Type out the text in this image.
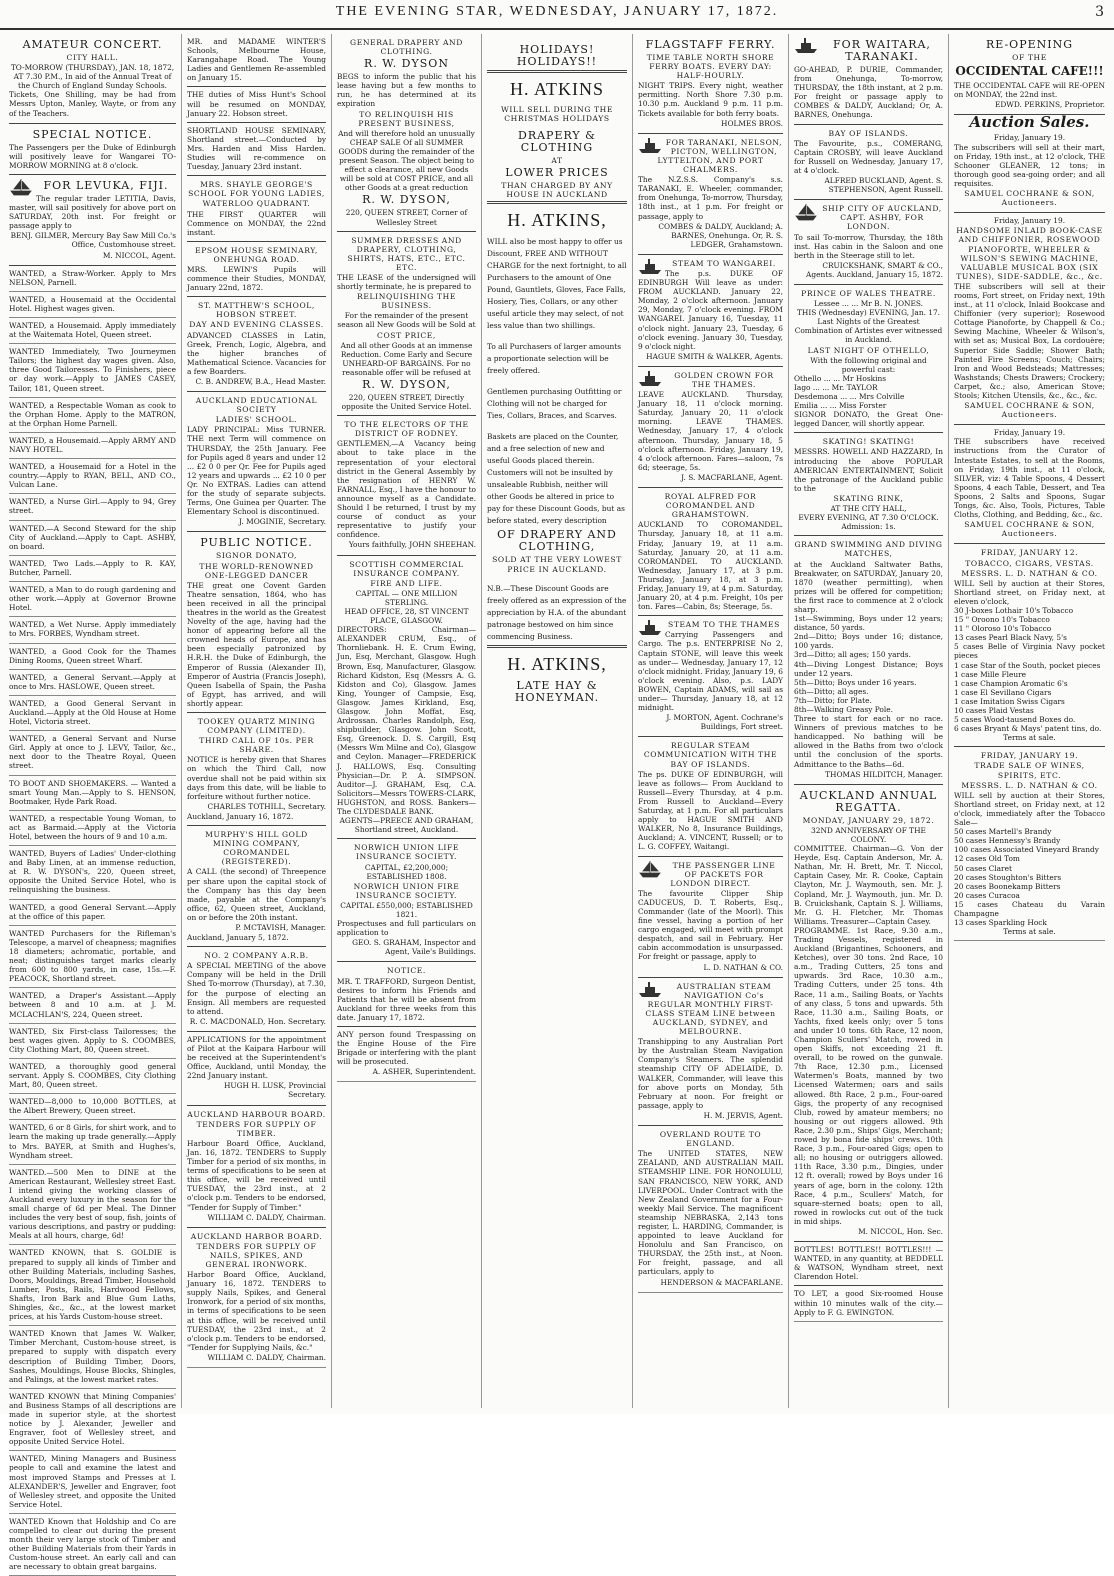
THE EVENING STAR, WEDNESDAY, JANUARY 17, 1872.	3
AMATEUR CONCERT.
CITY HALL.
TO-MORROW (THURSDAY), JAN. 18, 1872, AT 7.30 P.M., In aid of the Annual Treat of the Church of England Sunday Schools.
Tickets, One Shilling, may be had from Messrs Upton, Manley, Wayte, or from any of the Teachers.
SPECIAL NOTICE.
The Passengers per the Duke of Edinburgh will positively leave for Wangarei TO-MORROW MORNING at 8 o'clock.
FOR LEVUKA, FIJI.
The regular trader LETITIA, Davis, master, will sail positively for above port on SATURDAY, 20th inst. For freight or passage apply to
BENJ. GILMER, Mercury Bay Saw Mill Co.'s Office, Customhouse street.
M. NICCOL, Agent.
WANTED, a Straw-Worker. Apply to Mrs NELSON, Parnell.
WANTED, a Housemaid at the Occidental Hotel. Highest wages given.
WANTED, a Housemaid. Apply immediately at the Waitemata Hotel, Queen street.
WANTED Immediately, Two Journeymen Tailors; the highest day wages given. Also, three Good Tailoresses. To Finishers, piece or day work.—Apply to JAMES CASEY, Tailor, 181, Queen street.
WANTED, a Respectable Woman as cook to the Orphan Home. Apply to the MATRON, at the Orphan Home Parnell.
WANTED, a Housemaid.—Apply ARMY AND NAVY HOTEL.
WANTED, a Housemaid for a Hotel in the country.—Apply to RYAN, BELL, AND CO., Vulcan Lane.
WANTED, a Nurse Girl.—Apply to 94, Grey street.
WANTED.—A Second Steward for the ship City of Auckland.—Apply to Capt. ASHBY, on board.
WANTED, Two Lads.—Apply to R. KAY, Butcher, Parnell.
WANTED, a Man to do rough gardening and other work.—Apply at Governor Browne Hotel.
WANTED, a Wet Nurse. Apply immediately to Mrs. FORBES, Wyndham street.
WANTED, a Good Cook for the Thames Dining Rooms, Queen street Wharf.
WANTED, a General Servant.—Apply at once to Mrs. HASLOWE, Queen street.
WANTED, a Good General Servant in Auckland.—Apply at the Old House at Home Hotel, Victoria street.
WANTED, a General Servant and Nurse Girl. Apply at once to J. LEVY, Tailor, &c., next door to the Theatre Royal, Queen street.
TO BOOT AND SHOEMAKERS. — Wanted a smart Young Man.—Apply to S. HENSON, Bootmaker, Hyde Park Road.
WANTED, a respectable Young Woman, to act as Barmaid.—Apply at the Victoria Hotel, between the hours of 9 and 10 a.m.
WANTED, Buyers of Ladies' Under-clothing and Baby Linen, at an immense reduction, at R. W. DYSON's, 220, Queen street, opposite the United Service Hotel, who is relinquishing the business.
WANTED, a good General Servant.—Apply at the office of this paper.
WANTED Purchasers for the Rifleman's Telescope, a marvel of cheapness; magnifies 18 diameters; achromatic, portable, and neat; distinguishes target marks clearly from 600 to 800 yards, in case, 15s.—F. PEACOCK, Shortland street.
WANTED, a Draper's Assistant.—Apply between 8 and 10 a.m. at J. M. MCLACHLAN'S, 224, Queen street.
WANTED, Six First-class Tailoresses; the best wages given. Apply to S. COOMBES, City Clothing Mart, 80, Queen street.
WANTED, a thoroughly good general servant. Apply S. COOMBES, City Clothing Mart, 80, Queen street.
WANTED—8,000 to 10,000 BOTTLES, at the Albert Brewery, Queen street.
WANTED, 6 or 8 Girls, for shirt work, and to learn the making up trade generally.—Apply to Mrs. BAYER, at Smith and Hughes's, Wyndham street.
WANTED.—500 Men to DINE at the American Restaurant, Wellesley street East. I intend giving the working classes of Auckland every luxury in the season for the small charge of 6d per Meal. The Dinner includes the very best of soup, fish, joints of various descriptions, and pastry or pudding: Meals at all hours, charge, 6d!
WANTED KNOWN, that S. GOLDIE is prepared to supply all kinds of Timber and other Building Materials, including Sashes, Doors, Mouldings, Bread Timber, Household Lumber, Posts, Rails, Hardwood Fellows, Shafts, Iron Bark and Blue Gum Laths, Shingles, &c., &c., at the lowest market prices, at his Yards Custom-house street.
WANTED Known that James W. Walker, Timber Merchant, Custom-house street, is prepared to supply with dispatch every description of Building Timber, Doors, Sashes, Mouldings, House Blocks, Shingles, and Palings, at the lowest market rates.
WANTED KNOWN that Mining Companies' and Business Stamps of all descriptions are made in superior style, at the shortest notice by J. Alexander, Jeweller and Engraver, foot of Wellesley street, and opposite United Service Hotel.
WANTED, Mining Managers and Business people to call and examine the latest and most improved Stamps and Presses at I. ALEXANDER'S, Jeweller and Engraver, foot of Wellesley street, and opposite the United Service Hotel.
WANTED Known that Holdship and Co are compelled to clear out during the present month their very large stock of Timber and other Building Materials from their Yards in Custom-house street. An early call and can are necessary to obtain great bargains.
MR. and MADAME WINTER'S Schools, Melbourne House, Karangahape Road. The Young Ladies and Gentlemen Re-assembled on January 15.
THE duties of Miss Hunt's School will be resumed on MONDAY, January 22. Hobson street.
SHORTLAND HOUSE SEMINARY, Shortland street.—Conducted by Mrs. Harden and Miss Harden. Studies will re-commence on Tuesday, January 23rd instant.
MRS. SHAYLE GEORGE'S SCHOOL FOR YOUNG LADIES,
WATERLOO QUADRANT.
THE FIRST QUARTER will Commence on MONDAY, the 22nd instant.
EPSOM HOUSE SEMINARY, ONEHUNGA ROAD.
MRS. LEWIN'S Pupils will commence their Studies, MONDAY, January 22nd, 1872.
ST. MATTHEW'S SCHOOL, HOBSON STREET.
DAY AND EVENING CLASSES.
ADVANCED CLASSES in Latin, Greek, French, Logic, Algebra, and the higher branches of Mathematical Science. Vacancies for a few Boarders.
C. B. ANDREW, B.A., Head Master.
AUCKLAND EDUCATIONAL SOCIETY
LADIES' SCHOOL.
LADY PRINCIPAL: Miss TURNER. THE next Term will commence on THURSDAY, the 25th January. Fee for Pupils aged 8 years and under 12 ... £2 0 0 per Qr. Fee for Pupils aged 12 years and upwards ... £2 10 0 per Qr. No EXTRAS. Ladies can attend for the study of separate subjects. Terms, One Guinea per Quarter. The Elementary School is discontinued.
J. MOGINIE, Secretary.
PUBLIC NOTICE.
SIGNOR DONATO,
THE WORLD-RENOWNED ONE-LEGGED DANCER
THE great one Covent Garden Theatre sensation, 1864, who has been received in all the principal theatres in the world as the Greatest Novelty of the age, having had the honor of appearing before all the crowned heads of Europe, and has been especially patronized by H.R.H. the Duke of Edinburgh, the Emperor of Russia (Alexander II), Emperor of Austria (Francis Joseph), Queen Isabella of Spain, the Pasha of Egypt, has arrived, and will shortly appear.
TOOKEY QUARTZ MINING COMPANY (LIMITED).
THIRD CALL OF 10s. PER SHARE.
NOTICE is hereby given that Shares on which the Third Call, now overdue shall not be paid within six days from this date, will be liable to forfeiture without further notice.
CHARLES TOTHILL, Secretary.
Auckland, January 16, 1872.
MURPHY'S HILL GOLD MINING COMPANY, COROMANDEL (REGISTERED).
A CALL (the second) of Threepence per share upon the capital stock of the Company has this day been made, payable at the Company's office, 62, Queen street, Auckland, on or before the 20th instant.
P. MCTAVISH, Manager.
Auckland, January 5, 1872.
NO. 2 COMPANY A.R.B.
A SPECIAL MEETING of the above Company will be held in the Drill Shed To-morrow (Thursday), at 7.30, for the purpose of electing an Ensign. All members are requested to attend.
R. C. MACDONALD, Hon. Secretary.
APPLICATIONS for the appointment of Pilot at the Kaipara Harbour will be received at the Superintendent's Office, Auckland, until Monday, the 22nd January instant.
HUGH H. LUSK, Provincial Secretary.
AUCKLAND HARBOUR BOARD.
TENDERS FOR SUPPLY OF TIMBER.
Harbour Board Office, Auckland, Jan. 16, 1872. TENDERS to Supply Timber for a period of six months, in terms of specifications to be seen at this office, will be received until TUESDAY, the 23rd inst., at 2 o'clock p.m. Tenders to be endorsed, "Tender for Supply of Timber."
WILLIAM C. DALDY, Chairman.
AUCKLAND HARBOR BOARD.
TENDERS FOR SUPPLY OF NAILS, SPIKES, AND GENERAL IRONWORK.
Harbor Board Office, Auckland, January 16, 1872. TENDERS to supply Nails, Spikes, and General Ironwork, for a period of six months, in terms of specifications to be seen at this office, will be received until TUESDAY, the 23rd inst., at 2 o'clock p.m. Tenders to be endorsed, "Tender for Supplying Nails, &c."
WILLIAM C. DALDY, Chairman.
GENERAL DRAPERY AND CLOTHING.
R. W. DYSON
BEGS to inform the public that his lease having but a few months to run, he has determined at its expiration
TO RELINQUISH HIS PRESENT BUSINESS,
And will therefore hold an unusually CHEAP SALE Of all SUMMER GOODS during the remainder of the present Season. The object being to effect a clearance, all new Goods will be sold at COST PRICE, and all other Goods at a great reduction
R. W. DYSON,
220, QUEEN STREET, Corner of Wellesley Street
SUMMER DRESSES AND DRAPERY, CLOTHING, SHIRTS, HATS, ETC., ETC. ETC.
THE LEASE of the undersigned will shortly terminate, he is prepared to
RELINQUISHING THE BUSINESS.
For the remainder of the present season all New Goods will be Sold at
COST PRICE,
And all other Goods at an immense Reduction. Come Early and Secure UNHEARD-OF BARGAINS. For no reasonable offer will be refused at
R. W. DYSON,
220, QUEEN STREET, Directly opposite the United Service Hotel.
TO THE ELECTORS OF THE DISTRICT OF RODNEY.
GENTLEMEN,—A Vacancy being about to take place in the representation of your electoral district in the General Assembly by the resignation of HENRY W. FARNALL, Esq., I have the honour to announce myself as a Candidate. Should I be returned, I trust by my course of conduct as your representative to justify your confidence.
Yours faithfully, JOHN SHEEHAN.
SCOTTISH COMMERCIAL INSURANCE COMPANY.
FIRE AND LIFE.
CAPITAL — ONE MILLION STERLING.
HEAD OFFICE, 28, ST VINCENT PLACE, GLASGOW.
DIRECTORS: Chairman—ALEXANDER CRUM, Esq., of Thornliebank. H. E. Crum Ewing, Jun, Esq, Merchant, Glasgow. Hugh Brown, Esq, Manufacturer, Glasgow. Richard Kidston, Esq (Messrs A. G. Kidston and Co), Glasgow. James King, Younger of Campsie, Esq, Glasgow. James Kirkland, Esq, Glasgow. John Moffat, Esq, Ardrossan. Charles Randolph, Esq, shipbuilder, Glasgow. John Scott, Esq, Greenock. D. S. Cargill, Esq (Messrs Wm Milne and Co), Glasgow and Ceylon. Manager—FREDERICK J. HALLOWS, Esq. Consulting Physician—Dr. P. A. SIMPSON. Auditor—J. GRAHAM, Esq, C.A. Solicitors—Messrs TOWERS-CLARK, HUGHSTON, and ROSS. Bankers—The CLYDESDALE BANK.
AGENTS—PREECE AND GRAHAM, Shortland street, Auckland.
NORWICH UNION LIFE INSURANCE SOCIETY.
CAPITAL, £2,200,000; ESTABLISHED 1808.
NORWICH UNION FIRE INSURANCE SOCIETY.
CAPITAL £550,000; ESTABLISHED 1821.
Prospectuses and full particulars on application to
GEO. S. GRAHAM, Inspector and Agent, Vaile's Buildings.
NOTICE.
MR. T. TRAFFORD, Surgeon Dentist, desires to inform his Friends and Patients that he will be absent from Auckland for three weeks from this date. January 17, 1872.
ANY person found Trespassing on the Engine House of the Fire Brigade or interfering with the plant will be prosecuted.
A. ASHER, Superintendent.
HOLIDAYS! HOLIDAYS!!
H. ATKINS
WILL SELL DURING THE CHRISTMAS HOLIDAYS
DRAPERY & CLOTHING
AT
LOWER PRICES
THAN CHARGED BY ANY HOUSE IN AUCKLAND
H. ATKINS,
WILL also be most happy to offer us Discount, FREE AND WITHOUT CHARGE for the next fortnight, to all Purchasers to the amount of One Pound, Gauntlets, Gloves, Face Falls, Hosiery, Ties, Collars, or any other useful article they may select, of not less value than two shillings.
To all Purchasers of larger amounts a proportionate selection will be freely offered.
Gentlemen purchasing Outfitting or Clothing will not be charged for Ties, Collars, Braces, and Scarves.
Baskets are placed on the Counter, and a free selection of new and useful Goods placed therein. Customers will not be insulted by unsaleable Rubbish, neither will other Goods be altered in price to pay for these Discount Goods, but as before stated, every description
OF DRAPERY AND CLOTHING,
SOLD AT THE VERY LOWEST PRICE IN AUCKLAND.
N.B.—These Discount Goods are freely offered as an expression of the appreciation by H.A. of the abundant patronage bestowed on him since commencing Business.
H. ATKINS,
LATE HAY & HONEYMAN.
FLAGSTAFF FERRY.
TIME TABLE NORTH SHORE FERRY BOATS. EVERY DAY: HALF-HOURLY.
NIGHT TRIPS. Every night, weather permitting. North Shore 7.30 p.m. 10.30 p.m. Auckland 9 p.m. 11 p.m. Tickets available for both ferry boats.
HOLMES BROS.
FOR TARANAKI, NELSON, PICTON, WELLINGTON, LYTTELTON, AND PORT CHALMERS.
The N.Z.S.S. Company's s.s. TARANAKI, E. Wheeler, commander, from Onehunga, To-morrow, Thursday, 18th inst., at 1 p.m. For freight or passage, apply to
COMBES & DALDY, Auckland; A. BARNES, Onehunga. Or, R. S. LEDGER, Grahamstown.
STEAM TO WANGAREI.
The p.s. DUKE OF EDINBURGH Will leave as under: FROM AUCKLAND. January 22, Monday, 2 o'clock afternoon. January 29, Monday, 7 o'clock evening. FROM WANGAREI. January 16, Tuesday, 11 o'clock night. January 23, Tuesday, 6 o'clock evening. January 30, Tuesday, 9 o'clock night.
HAGUE SMITH & WALKER, Agents.
GOLDEN CROWN FOR THE THAMES.
LEAVE AUCKLAND. Thursday, January 18, 11 o'clock morning. Saturday, January 20, 11 o'clock morning. LEAVE THAMES. Wednesday, January 17, 4 o'clock afternoon. Thursday, January 18, 5 o'clock afternoon. Friday, January 19, 4 o'clock afternoon. Fares—saloon, 7s 6d; steerage, 5s.
J. S. MACFARLANE, Agent.
ROYAL ALFRED FOR COROMANDEL AND GRAHAMSTOWN.
AUCKLAND TO COROMANDEL. Thursday, January 18, at 11 a.m. Friday, January 19, at 11 a.m. Saturday, January 20, at 11 a.m. COROMANDEL TO AUCKLAND. Wednesday, January 17, at 3 p.m. Thursday, January 18, at 3 p.m. Friday, January 19, at 4 p.m. Saturday, January 20, at 4 p.m. Freight, 10s per ton. Fares—Cabin, 8s; Steerage, 5s.
STEAM TO THE THAMES
Carrying Passengers and Cargo. The p.s. ENTERPRISE No 2, Captain STONE, will leave this week as under— Wednesday, January 17, 12 o'clock midnight. Friday, January 19, 6 o'clock evening. Also, p.s. LADY BOWEN, Captain ADAMS, will sail as under— Thursday, January 18, at 12 midnight.
J. MORTON, Agent. Cochrane's Buildings, Fort street.
REGULAR STEAM COMMUNICATION WITH THE BAY OF ISLANDS.
The ps. DUKE OF EDINBURGH, will leave as follows— From Auckland to Russell—Every Thursday, at 4 p.m. From Russell to Auckland—Every Saturday, at 1 p.m. For all particulars apply to HAGUE SMITH AND WALKER, No 8, Insurance Buildings, Auckland; A. VINCENT, Russell; or to L. G. COFFEY, Waitangi.
THE PASSENGER LINE OF PACKETS FOR LONDON DIRECT.
The favourite Clipper Ship CADUCEUS, D. T. Roberts, Esq., Commander (late of the Moorl). This fine vessel, having a portion of her cargo engaged, will meet with prompt despatch, and sail in February. Her cabin accommodation is unsurpassed. For freight or passage, apply to
L. D. NATHAN & CO.
AUSTRALIAN STEAM NAVIGATION Co's REGULAR MONTHLY FIRST-CLASS STEAM LINE between AUCKLAND, SYDNEY, and MELBOURNE.
Transhipping to any Australian Port by the Australian Steam Navigation Company's Steamers. The splendid steamship CITY OF ADELAIDE, D. WALKER, Commander, will leave this for above ports on Monday, 5th February at noon. For freight or passage, apply to
H. M. JERVIS, Agent.
OVERLAND ROUTE TO ENGLAND.
The UNITED STATES, NEW ZEALAND, AND AUSTRALIAN MAIL STEAMSHIP LINE. FOR HONOLULU, SAN FRANCISCO, NEW YORK, AND LIVERPOOL. Under Contract with the New Zealand Government for a Four-weekly Mail Service. The magnificent steamship NEBRASKA, 2,143 tons register, L. HARDING, Commander, is appointed to leave Auckland for Honolulu and San Francisco, on THURSDAY, the 25th inst., at Noon. For freight, passage, and all particulars, apply to
HENDERSON & MACFARLANE.
FOR WAITARA, TARANAKI.
GO-AHEAD, P. DURIE, Commander, from Onehunga, To-morrow, THURSDAY, the 18th instant, at 2 p.m. For freight or passage apply to COMBES & DALDY, Auckland; Or, A. BARNES, Onehunga.
BAY OF ISLANDS.
The Favourite, p.s., COMERANG, Captain CROSBY, will leave Auckland for Russell on Wednesday, January 17, at 4 o'clock.
ALFRED BUCKLAND, Agent. S. STEPHENSON, Agent Russell.
SHIP CITY OF AUCKLAND, CAPT. ASHBY, FOR LONDON.
To sail To-morrow, Thursday, the 18th inst. Has cabin in the Saloon and one berth in the Steerage still to let.
CRUICKSHANK, SMART & CO., Agents. Auckland, January 15, 1872.
PRINCE OF WALES THEATRE.
Lessee ... ... Mr B. N. JONES.
THIS (Wednesday) EVENING, Jan. 17. Last Nights of the Greatest Combination of Artistes ever witnessed in Auckland.
LAST NIGHT OF OTHELLO,
With the following original and powerful cast:
Othello ... ... Mr Hoskins
Iago ... ... Mr. TAYLOR
Desdemona ... ... Mrs Colville
Emilia ... ... Miss Forster
SIGNOR DONATO, the Great One-legged Dancer, will shortly appear.
SKATING! SKATING!
MESSRS. HOWELL AND HAZZARD, In introducing the above POPULAR AMERICAN ENTERTAINMENT, Solicit the patronage of the Auckland public to the
SKATING RINK,
AT THE CITY HALL,
EVERY EVENING, AT 7.30 O'CLOCK. Admission: 1s.
GRAND SWIMMING AND DIVING MATCHES,
at the Auckland Saltwater Baths, Breakwater, on SATURDAY, January 20, 1870 (weather permitting), when prizes will be offered for competition; the first race to commence at 2 o'clock sharp.
1st—Swimming, Boys under 12 years; distance, 50 yards.
2nd—Ditto; Boys under 16; distance, 100 yards.
3rd—Ditto; all ages; 150 yards.
4th—Diving Longest Distance; Boys under 12 years.
5th—Ditto; Boys under 16 years.
6th—Ditto; all ages.
7th—Ditto; for Plate.
8th—Walking Greasy Pole.
Three to start for each or no race. Winners of previous matches to be handicapped. No bathing will be allowed in the Baths from two o'clock until the conclusion of the sports. Admittance to the Baths—6d.
THOMAS HILDITCH, Manager.
AUCKLAND ANNUAL REGATTA.
MONDAY, JANUARY 29, 1872.
32ND ANNIVERSARY OF THE COLONY.
COMMITTEE. Chairman—G. Von der Heyde, Esq. Captain Anderson, Mr. A. Nathan, Mr. H. Brett, Mr. T. Niccol, Captain Casey, Mr. R. Cooke, Captain Clayton, Mr. J. Waymouth, sen. Mr. J. Copland, Mr. J. Waymouth, jun. Mr. D. B. Cruickshank, Captain S. J. Williams, Mr. G. H. Fletcher, Mr. Thomas Williams. Treasurer—Captain Casey.
PROGRAMME. 1st Race, 9.30 a.m., Trading Vessels, registered in Auckland (Brigantines, Schooners, and Ketches), over 30 tons. 2nd Race, 10 a.m., Trading Cutters, 25 tons and upwards. 3rd Race, 10.30 a.m., Trading Cutters, under 25 tons. 4th Race, 11 a.m., Sailing Boats, or Yachts of any class, 5 tons and upwards. 5th Race, 11.30 a.m., Sailing Boats, or Yachts, fixed keels only; over 5 tons and under 10 tons. 6th Race, 12 noon, Champion Scullers' Match, rowed in open Skiffs, not exceeding 21 ft. overall, to be rowed on the gunwale. 7th Race, 12.30 p.m., Licensed Watermen's Boats, manned by two Licensed Watermen; oars and sails allowed. 8th Race, 2 p.m., Four-oared Gigs, the property of any recognised Club, rowed by amateur members; no housing or out riggers allowed. 9th Race, 2.30 p.m., Ships' Gigs, Merchant; rowed by bona fide ships' crews. 10th Race, 3 p.m., Four-oared Gigs; open to all; no housing or outriggers allowed. 11th Race, 3.30 p.m., Dingies, under 12 ft. overall; rowed by Boys under 16 years of age, born in the colony. 12th Race, 4 p.m., Scullers' Match, for square-sterned boats; open to all, rowed in rowlocks cut out of the tuck in mid ships.
M. NICCOL, Hon. Sec.
BOTTLES! BOTTLES!! BOTTLES!!! —WANTED, in any quantity, at BEDDELL & WATSON, Wyndham street, next Clarendon Hotel.
TO LET, a good Six-roomed House within 10 minutes walk of the city.—Apply to F. G. EWINGTON.
RE-OPENING
OF THE
OCCIDENTAL CAFE!!!
THE OCCIDENTAL CAFE will RE-OPEN on MONDAY, the 22nd inst.
EDWD. PERKINS, Proprietor.
Auction Sales.
Friday, January 19.
The subscribers will sell at their mart, on Friday, 19th inst., at 12 o'clock, THE Schooner GLEANER, 12 tons; in thorough good sea-going order; and all requisites.
SAMUEL COCHRANE & SON, Auctioneers.
Friday, January 19.
HANDSOME INLAID BOOK-CASE AND CHIFFONIER, ROSEWOOD PIANOFORTE, WHEELER & WILSON'S SEWING MACHINE, VALUABLE MUSICAL BOX (SIX TUNES), SIDE-SADDLE, &c., &c.
THE subscribers will sell at their rooms, Fort street, on Friday next, 19th inst., at 11 o'clock, Inlaid Bookcase and Chiffonier (very superior); Rosewood Cottage Pianoforte, by Chappell & Co.; Sewing Machine, Wheeler & Wilson's, with set as; Musical Box, La cordouère; Superior Side Saddle; Shower Bath; Painted Fire Screens; Couch; Chairs; Iron and Wood Bedsteads; Mattresses; Washstands; Chests Drawers; Crockery; Carpet, &c.; also, American Stove; Stools; Kitchen Utensils, &c., &c., &c.
SAMUEL COCHRANE & SON, Auctioneers.
Friday, January 19.
THE subscribers have received instructions from the Curator of Intestate Estates, to sell at the Rooms, on Friday, 19th inst., at 11 o'clock, SILVER, viz: 4 Table Spoons, 4 Dessert Spoons, 4 each Table, Dessert, and Tea Spoons, 2 Salts and Spoons, Sugar Tongs, &c. Also, Tools, Pictures, Table Cloths, Clothing, and Bedding, &c., &c.
SAMUEL COCHRANE & SON, Auctioneers.
FRIDAY, JANUARY 12.
TOBACCO, CIGARS, VESTAS.
MESSRS. L. D. NATHAN & CO.
WILL Sell by auction at their Stores, Shortland street, on Friday next, at eleven o'clock,
30 J-boxes Lothair 10's Tobacco
15 " Oroono 10's Tobacco
11 " Oloroso 10's Tobacco
13 cases Pearl Black Navy, 5's
5 cases Belle of Virginia Navy pocket pieces
1 case Star of the South, pocket pieces
1 case Mille Fleure
1 case Champion Aromatic 6's
1 case El Sevillano Cigars
1 case Imitation Swiss Cigars
10 cases Plaid Vestas
5 cases Wood-tausend Boxes do.
6 cases Bryant & Mays' patent tins, do.
Terms at sale.
FRIDAY, JANUARY 19.
TRADE SALE OF WINES, SPIRITS, ETC.
MESSRS. L. D. NATHAN & CO.
WILL sell by auction at their Stores, Shortland street, on Friday next, at 12 o'clock, immediately after the Tobacco Sale—
50 cases Martell's Brandy
50 cases Hennessy's Brandy
100 cases Associated Vineyard Brandy
12 cases Old Tom
50 cases Claret
20 cases Stoughton's Bitters
20 cases Boonekamp Bitters
20 cases Curacoa
15 cases Chateau du Varain Champagne
13 cases Sparkling Hock
Terms at sale.
